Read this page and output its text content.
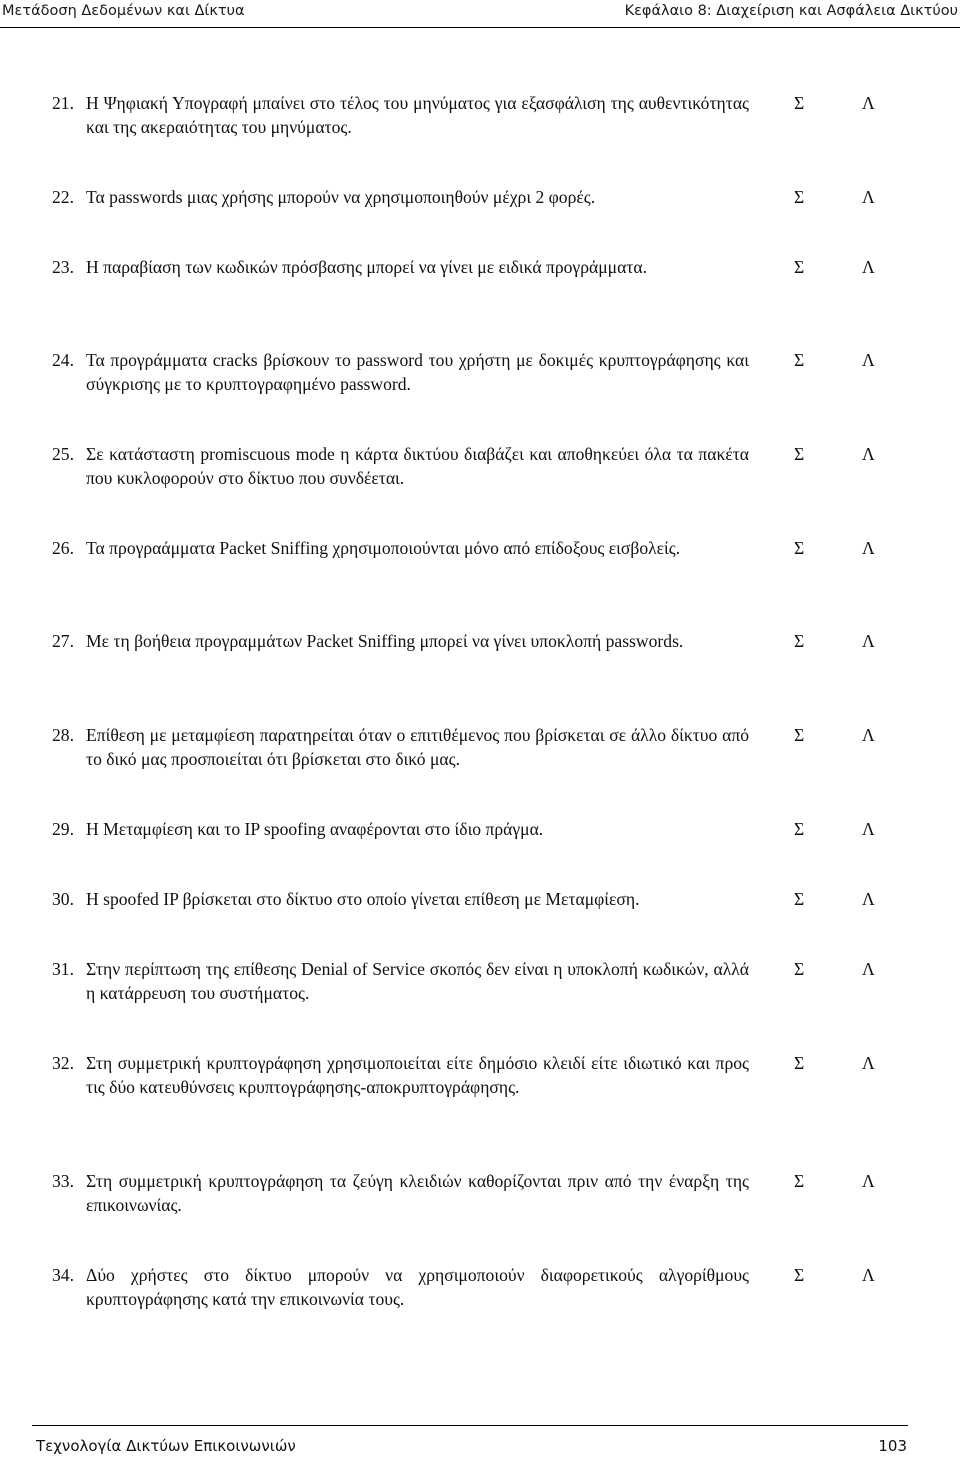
Μετάδοση Δεδομένων και Δίκτυα	Κεφάλαιο 8: Διαχείριση και Ασφάλεια Δικτύου
21. Η Ψηφιακή Υπογραφή μπαίνει στο τέλος του μηνύματος για εξασφάλιση της αυθεντικότητας και της ακεραιότητας του μηνύματος.
Σ	Λ
22. Τα passwords μιας χρήσης μπορούν να χρησιμοποιηθούν μέχρι 2 φορές.	Σ	Λ
23. Η παραβίαση των κωδικών πρόσβασης μπορεί να γίνει με ειδικά προγράμματα.	Σ	Λ
24. Τα προγράμματα cracks βρίσκουν το password του χρήστη με δοκιμές κρυπτογράφησης και σύγκρισης με το κρυπτογραφημένο password.
Σ	Λ
25. Σε κατάσταστη promiscuous mode η κάρτα δικτύου διαβάζει και αποθηκεύει όλα τα πακέτα που κυκλοφορούν στο δίκτυο που συνδέεται.
Σ	Λ
26. Τα προγραάμματα Packet Sniffing χρησιμοποιούνται μόνο από επίδοξους εισβολείς.	Σ	Λ
27. Με τη βοήθεια προγραμμάτων Packet Sniffing μπορεί να γίνει υποκλοπή passwords.	Σ	Λ
28. Επίθεση με μεταμφίεση παρατηρείται όταν ο επιτιθέμενος που βρίσκεται σε άλλο δίκτυο από το δικό μας προσποιείται ότι βρίσκεται στο δικό μας.
Σ	Λ
29. Η Μεταμφίεση και το IP spoofing αναφέρονται στο ίδιο πράγμα.	Σ	Λ
30. Η spoofed IP βρίσκεται στο δίκτυο στο οποίο γίνεται επίθεση με Μεταμφίεση.	Σ	Λ
31. Στην περίπτωση της επίθεσης Denial of Service σκοπός δεν είναι η υποκλοπή κωδικών, αλλά η κατάρρευση του συστήματος.
Σ	Λ
32. Στη συμμετρική κρυπτογράφηση χρησιμοποιείται είτε δημόσιο κλειδί είτε ιδιωτικό και προς τις δύο κατευθύνσεις κρυπτογράφησης-αποκρυπτογράφησης.
Σ	Λ
33. Στη συμμετρική κρυπτογράφηση τα ζεύγη κλειδιών καθορίζονται πριν από την έναρξη της επικοινωνίας.
Σ	Λ
34. Δύο χρήστες στο δίκτυο μπορούν να χρησιμοποιούν διαφορετικούς αλγορίθμους κρυπτογράφησης κατά την επικοινωνία τους.
Σ	Λ
Τεχνολογία Δικτύων Επικοινωνιών	103
